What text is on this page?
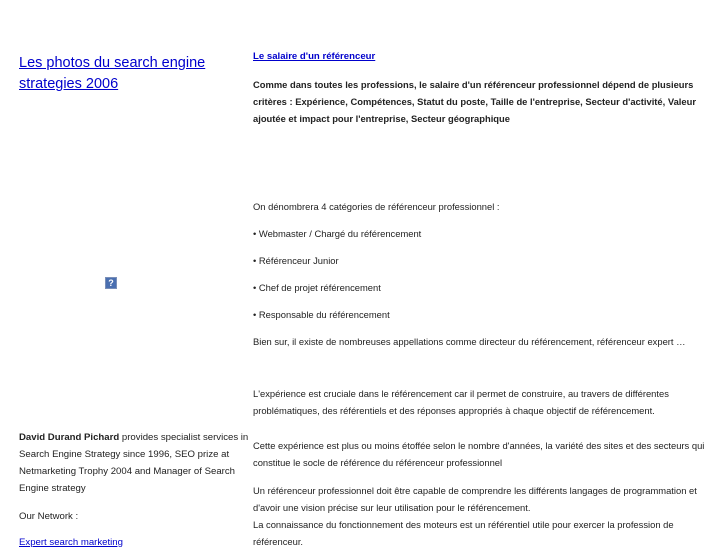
Les photos du search engine strategies 2006
?

David Durand Pichard provides specialist services in Search Engine Strategy since 1996, SEO prize at Netmarketing Trophy 2004 and Manager of Search Engine strategy

Our Network :

Expert search marketing
Le salaire d'un référenceur

Comme dans toutes les professions, le salaire d'un référenceur professionnel dépend de plusieurs critères : Expérience, Compétences, Statut du poste, Taille de l'entreprise, Secteur d'activité, Valeur ajoutée et impact pour l'entreprise, Secteur géographique

On dénombrera 4 catégories de référenceur professionnel :

• Webmaster / Chargé du référencement

• Référenceur Junior

• Chef de projet référencement

• Responsable du référencement

Bien sur, il existe de nombreuses appellations comme directeur du référencement, référenceur expert …

L'expérience est cruciale dans le référencement car il permet de construire, au travers de différentes problématiques, des référentiels et des réponses appropriés à chaque objectif de référencement.

Cette expérience est plus ou moins étoffée selon le nombre d'années, la variété des sites et des secteurs qui constitue le socle de référence du référenceur professionnel

Un référenceur professionnel doit être capable de comprendre les différents langages de programmation et d'avoir une vision précise sur leur utilisation pour le référencement.

La connaissance du fonctionnement des moteurs est un référentiel utile pour exercer la profession de référenceur.
